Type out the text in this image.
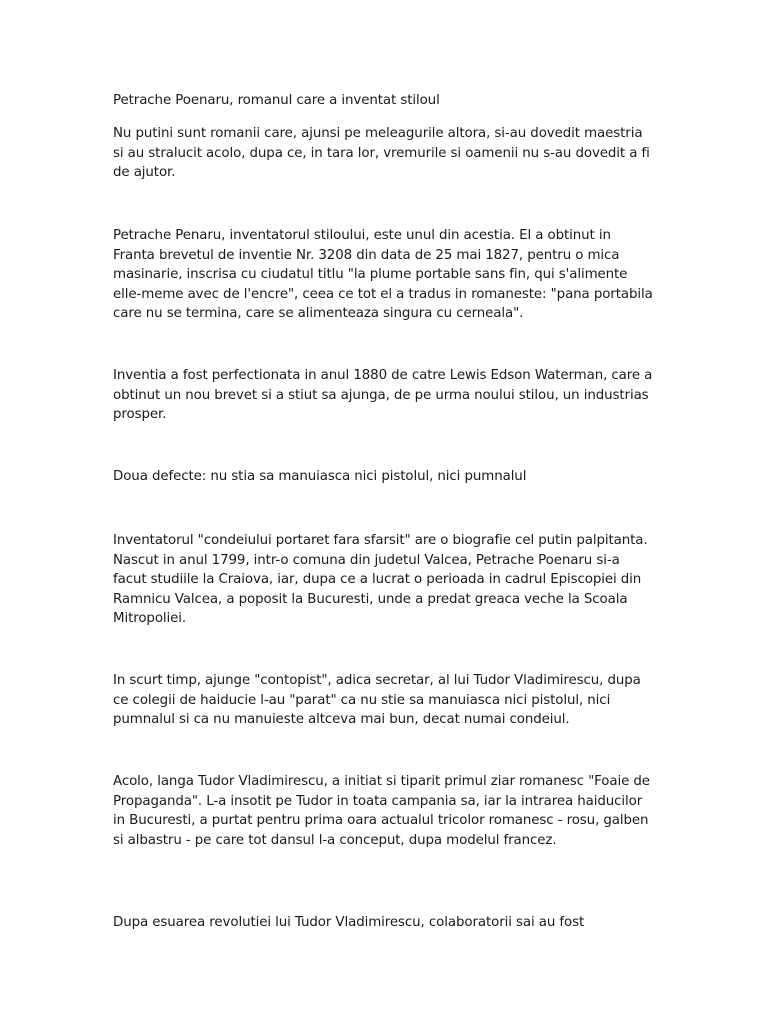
Petrache Poenaru, romanul care a inventat stiloul

Nu putini sunt romanii care, ajunsi pe meleagurile altora, si-au dovedit maestria si au stralucit acolo, dupa ce, in tara lor, vremurile si oamenii nu s-au dovedit a fi de ajutor.

Petrache Penaru, inventatorul stiloului, este unul din acestia. El a obtinut in Franta brevetul de inventie Nr. 3208 din data de 25 mai 1827, pentru o mica masinarie, inscrisa cu ciudatul titlu "la plume portable sans fin, qui s'alimente elle-meme avec de l'encre", ceea ce tot el a tradus in romaneste: "pana portabila care nu se termina, care se alimenteaza singura cu cerneala".

Inventia a fost perfectionata in anul 1880 de catre Lewis Edson Waterman, care a obtinut un nou brevet si a stiut sa ajunga, de pe urma noului stilou, un industrias prosper.

Doua defecte: nu stia sa manuiasca nici pistolul, nici pumnalul

Inventatorul "condeiului portaret fara sfarsit" are o biografie cel putin palpitanta. Nascut in anul 1799, intr-o comuna din judetul Valcea, Petrache Poenaru si-a facut studiile la Craiova, iar, dupa ce a lucrat o perioada in cadrul Episcopiei din Ramnicu Valcea, a poposit la Bucuresti, unde a predat greaca veche la Scoala Mitropoliei.

In scurt timp, ajunge "contopist", adica secretar, al lui Tudor Vladimirescu, dupa ce colegii de haiducie l-au "parat" ca nu stie sa manuiasca nici pistolul, nici pumnalul si ca nu manuieste altceva mai bun, decat numai condeiul.

Acolo, langa Tudor Vladimirescu, a initiat si tiparit primul ziar romanesc "Foaie de Propaganda". L-a insotit pe Tudor in toata campania sa, iar la intrarea haiducilor in Bucuresti, a purtat pentru prima oara actualul tricolor romanesc - rosu, galben si albastru - pe care tot dansul l-a conceput, dupa modelul francez.

Dupa esuarea revolutiei lui Tudor Vladimirescu, colaboratorii sai au fost
